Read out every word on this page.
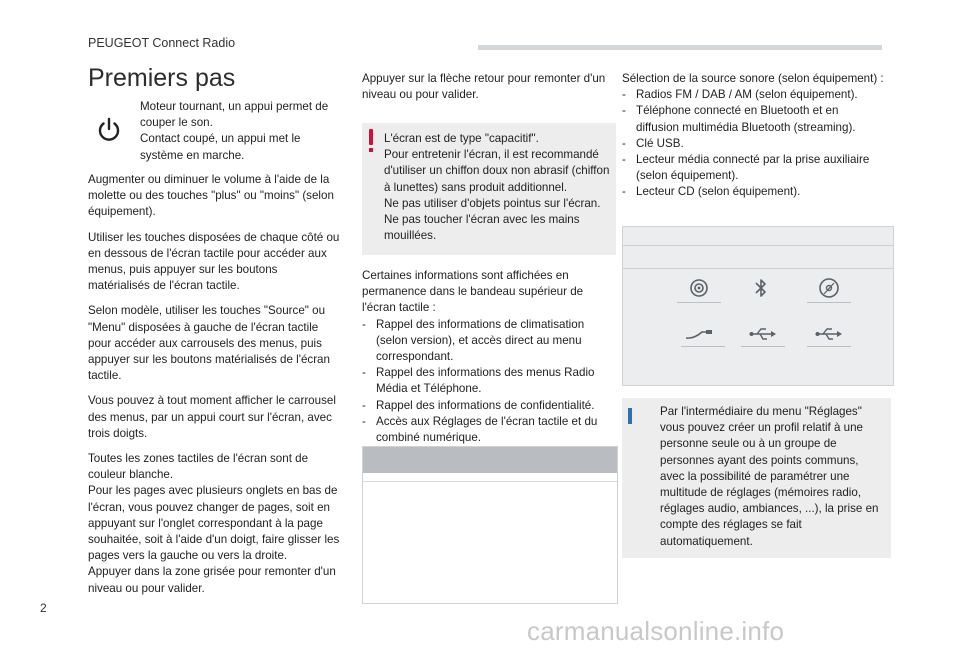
PEUGEOT Connect Radio
Premiers pas

Moteur tournant, un appui permet de couper le son.
Contact coupé, un appui met le système en marche.

Augmenter ou diminuer le volume à l'aide de la molette ou des touches "plus" ou "moins" (selon équipement).

Utiliser les touches disposées de chaque côté ou en dessous de l'écran tactile pour accéder aux menus, puis appuyer sur les boutons matérialisés de l'écran tactile.

Selon modèle, utiliser les touches "Source" ou "Menu" disposées à gauche de l'écran tactile pour accéder aux carrousels des menus, puis appuyer sur les boutons matérialisés de l'écran tactile.

Vous pouvez à tout moment afficher le carrousel des menus, par un appui court sur l'écran, avec trois doigts.

Toutes les zones tactiles de l'écran sont de couleur blanche.
Pour les pages avec plusieurs onglets en bas de l'écran, vous pouvez changer de pages, soit en appuyant sur l'onglet correspondant à la page souhaitée, soit à l'aide d'un doigt, faire glisser les pages vers la gauche ou vers la droite.
Appuyer dans la zone grisée pour remonter d'un niveau ou pour valider.

Appuyer sur la flèche retour pour remonter d'un niveau ou pour valider.

L'écran est de type "capacitif".
Pour entretenir l'écran, il est recommandé d'utiliser un chiffon doux non abrasif (chiffon à lunettes) sans produit additionnel.
Ne pas utiliser d'objets pointus sur l'écran.
Ne pas toucher l'écran avec les mains mouillées.

Certaines informations sont affichées en permanence dans le bandeau supérieur de l'écran tactile :

- Rappel des informations de climatisation (selon version), et accès direct au menu correspondant.
- Rappel des informations des menus Radio Média et Téléphone.
- Rappel des informations de confidentialité.
- Accès aux Réglages de l'écran tactile et du combiné numérique.

Sélection de la source sonore (selon équipement) :

- Radios FM / DAB / AM (selon équipement).
- Téléphone connecté en Bluetooth et en diffusion multimédia Bluetooth (streaming).
- Clé USB.
- Lecteur média connecté par la prise auxiliaire (selon équipement).
- Lecteur CD (selon équipement).

Par l'intermédiaire du menu "Réglages" vous pouvez créer un profil relatif à une personne seule ou à un groupe de personnes ayant des points communs, avec la possibilité de paramétrer une multitude de réglages (mémoires radio, réglages audio, ambiances, ...), la prise en compte des réglages se fait automatiquement.

2
carmanualsonline.info
